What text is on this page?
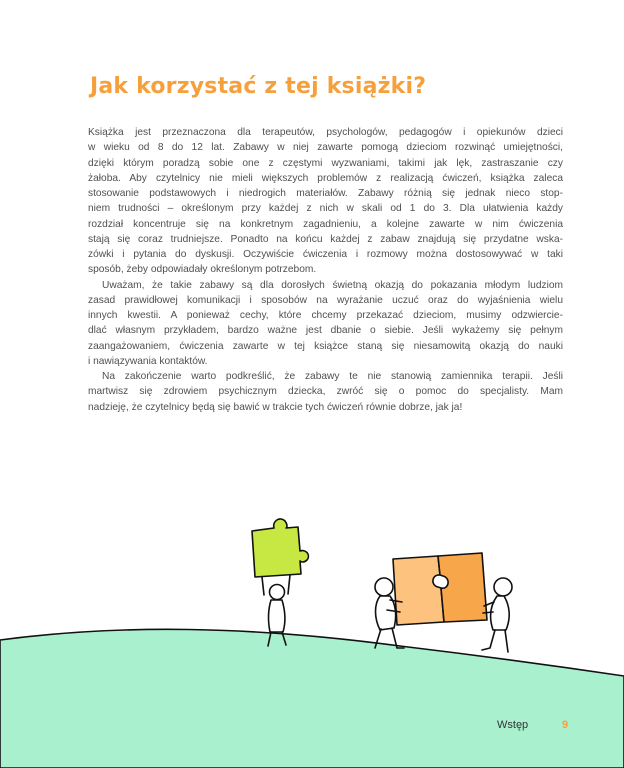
Jak korzystać z tej książki?

Książka jest przeznaczona dla terapeutów, psychologów, pedagogów i opiekunów dzieci
w wieku od 8 do 12 lat. Zabawy w niej zawarte pomogą dzieciom rozwinąć umiejętności,
dzięki którym poradzą sobie one z częstymi wyzwaniami, takimi jak lęk, zastraszanie czy
żałoba. Aby czytelnicy nie mieli większych problemów z realizacją ćwiczeń, książka zaleca
stosowanie podstawowych i niedrogich materiałów. Zabawy różnią się jednak nieco stop-
niem trudności – określonym przy każdej z nich w skali od 1 do 3. Dla ułatwienia każdy
rozdział koncentruje się na konkretnym zagadnieniu, a kolejne zawarte w nim ćwiczenia
stają się coraz trudniejsze. Ponadto na końcu każdej z zabaw znajdują się przydatne wska-
zówki i pytania do dyskusji. Oczywiście ćwiczenia i rozmowy można dostosowywać w taki
sposób, żeby odpowiadały określonym potrzebom.

Uważam, że takie zabawy są dla dorosłych świetną okazją do pokazania młodym ludziom
zasad prawidłowej komunikacji i sposobów na wyrażanie uczuć oraz do wyjaśnienia wielu
innych kwestii. A ponieważ cechy, które chcemy przekazać dzieciom, musimy odzwiercie-
dlać własnym przykładem, bardzo ważne jest dbanie o siebie. Jeśli wykażemy się pełnym
zaangażowaniem, ćwiczenia zawarte w tej książce staną się niesamowitą okazją do nauki
i nawiązywania kontaktów.

Na zakończenie warto podkreślić, że zabawy te nie stanowią zamiennika terapii. Jeśli
martwisz się zdrowiem psychicznym dziecka, zwróć się o pomoc do specjalisty. Mam
nadzieję, że czytelnicy będą się bawić w trakcie tych ćwiczeń równie dobrze, jak ja!

Wstęp	9
